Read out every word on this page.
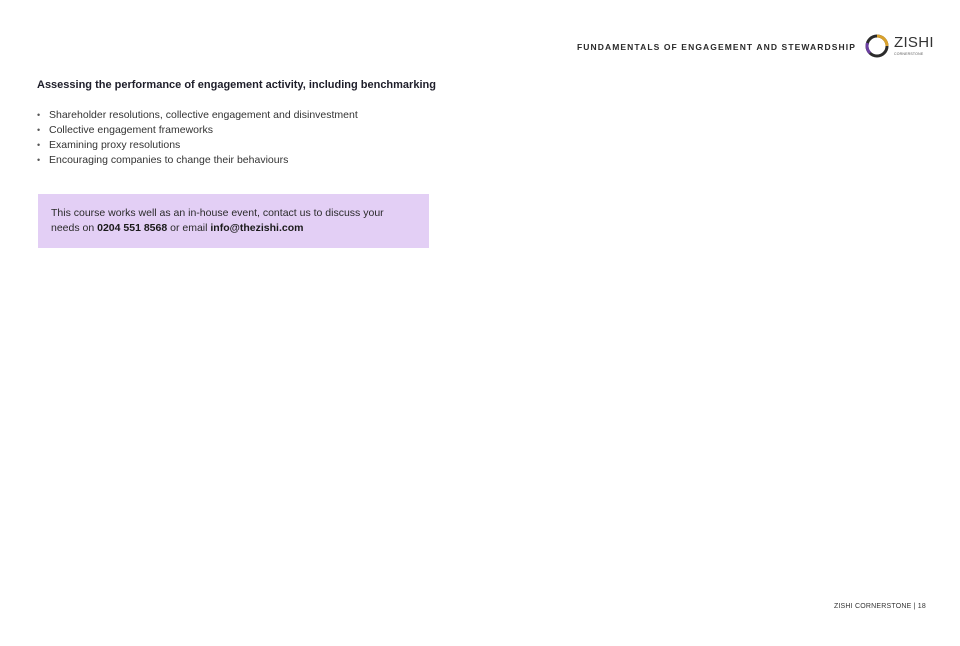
FUNDAMENTALS OF ENGAGEMENT AND STEWARDSHIP	ZISHI
CORNERSTONE
Assessing the performance of engagement activity, including benchmarking
• Shareholder resolutions, collective engagement and disinvestment
• Collective engagement frameworks
• Examining proxy resolutions
• Encouraging companies to change their behaviours
This course works well as an in-house event, contact us to discuss your
needs on 0204 551 8568 or email info@thezishi.com
ZISHI CORNERSTONE | 18
